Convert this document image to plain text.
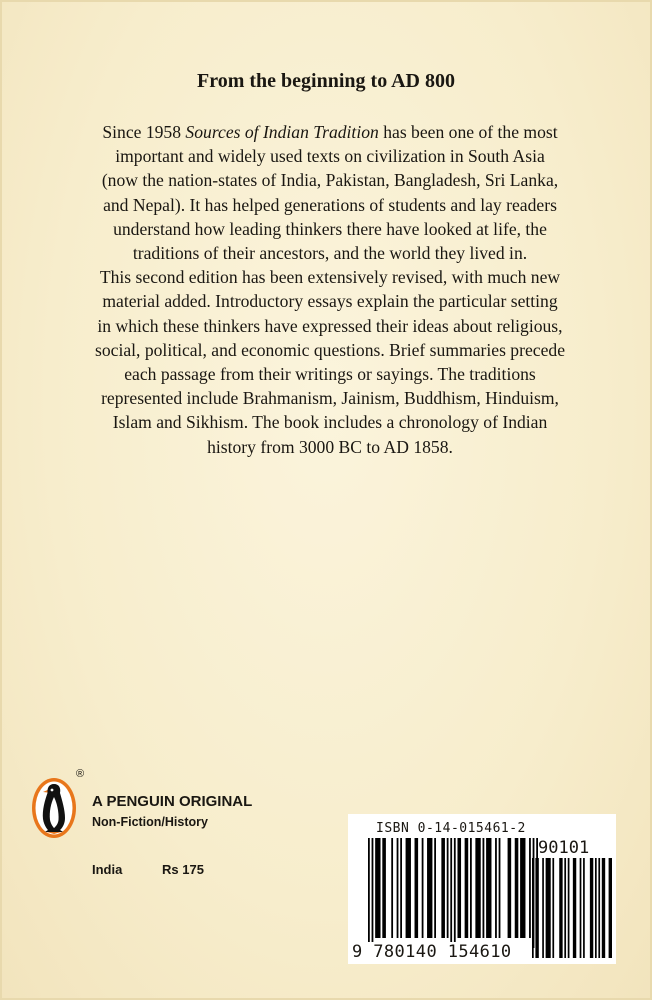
From the beginning to AD 800

Since 1958 Sources of Indian Tradition has been one of the most important and widely used texts on civilization in South Asia (now the nation-states of India, Pakistan, Bangladesh, Sri Lanka, and Nepal). It has helped generations of students and lay readers understand how leading thinkers there have looked at life, the traditions of their ancestors, and the world they lived in.

This second edition has been extensively revised, with much new material added. Introductory essays explain the particular setting in which these thinkers have expressed their ideas about religious, social, political, and economic questions. Brief summaries precede each passage from their writings or sayings. The traditions represented include Brahmanism, Jainism, Buddhism, Hinduism, Islam and Sikhism. The book includes a chronology of Indian history from 3000 BC to AD 1858.

®
A PENGUIN ORIGINAL
Non-Fiction/History
India	Rs 175
ISBN 0-14-015461-2
90101
9 780140 154610
